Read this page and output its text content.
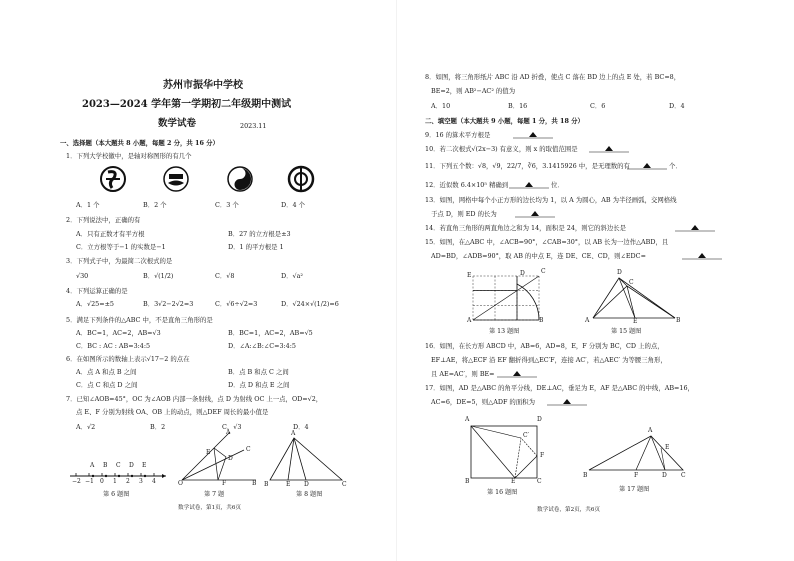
苏州市振华中学校
2023—2024 学年第一学期初二年级期中测试
数学试卷	2023.11
一、选择题（本大题共 8 小题，每题 2 分，共 16 分）
1．下列大学校徽中，是轴对称图形的有几个
A．1 个	B．2 个	C．3 个	D．4 个
2．下列说法中，正确的有
A．只有正数才有平方根	B．27 的立方根是±3
C．立方根等于−1 的实数是−1	D．1 的平方根是 1
3．下列式子中，为最简二次根式的是
√30	B．√(1/2)	C．√8	D．√a²
4．下列运算正确的是
A．√25=±5	B．3√2−2√2=3	C．√6÷√2=3	D．√24×√(1/2)=6
5．满足下列条件的△ABC 中，不是直角三角形的是
A．BC=1，AC=2，AB=√3	B．BC=1，AC=2，AB=√5
C．BC : AC : AB=3:4:5	D．∠A:∠B:∠C=3:4:5
6．在如图所示的数轴上表示√17−2 的点在
A．点 A 和点 B 之间	B．点 B 和点 C 之间
C．点 C 和点 D 之间	D．点 D 和点 E 之间
7．已知∠AOB=45°，OC 为∠AOB 内部一条射线，点 D 为射线 OC 上一点，OD=√2，
点 E、F 分别为射线 OA、OB 上的动点，则△DEF 周长的最小值是
A．√2	B．2	C．√3	D．4
A B C D E
−2 −1 0 1 2 3 4
第 6 题图
A
E
D
C
O	F	B
第 7 题
A
B	E D	C
第 8 题图
数学试卷，第1页，共6页
8．如图，将三角形纸片 ABC 沿 AD 折叠，使点 C 落在 BD 边上的点 E 处，若 BC=8，
BE=2，则 AB²−AC² 的值为
A．10	B．16	C．6	D．4
二、填空题（本大题共 9 小题，每题 1 分，共 18 分）
9．16 的算术平方根是
10．若二次根式√(2x−3) 有意义，则 x 的取值范围是
11．下列五个数：√8，√9，22/7，∛6，3.1415926 中，是无理数的有	个．
12．近似数 6.4×10⁵ 精确到	位．
13．如图，网格中每个小正方形的边长均为 1，以 A 为圆心，AB 为半径画弧，交网格线
于点 D，则 ED 的长为
14．若直角三角形的两直角边之和为 14，面积是 24，则它的斜边长是
15．如图，在△ABC 中，∠ACB=90°，∠CAB=30°，以 AB 长为一边作△ABD，且
AD=BD，∠ADB=90°，取 AB 的中点 E，连 DE、CE、CD，则∠EDC=
E	D	C
A	B
第 13 题图
D
C
A	E	B
第 15 题图
16．如图，在长方形 ABCD 中，AB=6，AD=8，E，F 分别为 BC，CD 上的点，
EF⊥AE，将△ECF 沿 EF 翻折得到△EC′F，连接 AC′，若△AEC′ 为等腰三角形，
且 AE=AC′，则 BE=
17．如图，AD 是△ABC 的角平分线，DE⊥AC，垂足为 E，AF 是△ABC 的中线，AB=16，
AC=6，DE=5，则△ADF 的面积为
A	D
C′
F
B	E	C
第 16 题图
A
E
B	F	D C
第 17 题图
数学试卷，第2页，共6页
